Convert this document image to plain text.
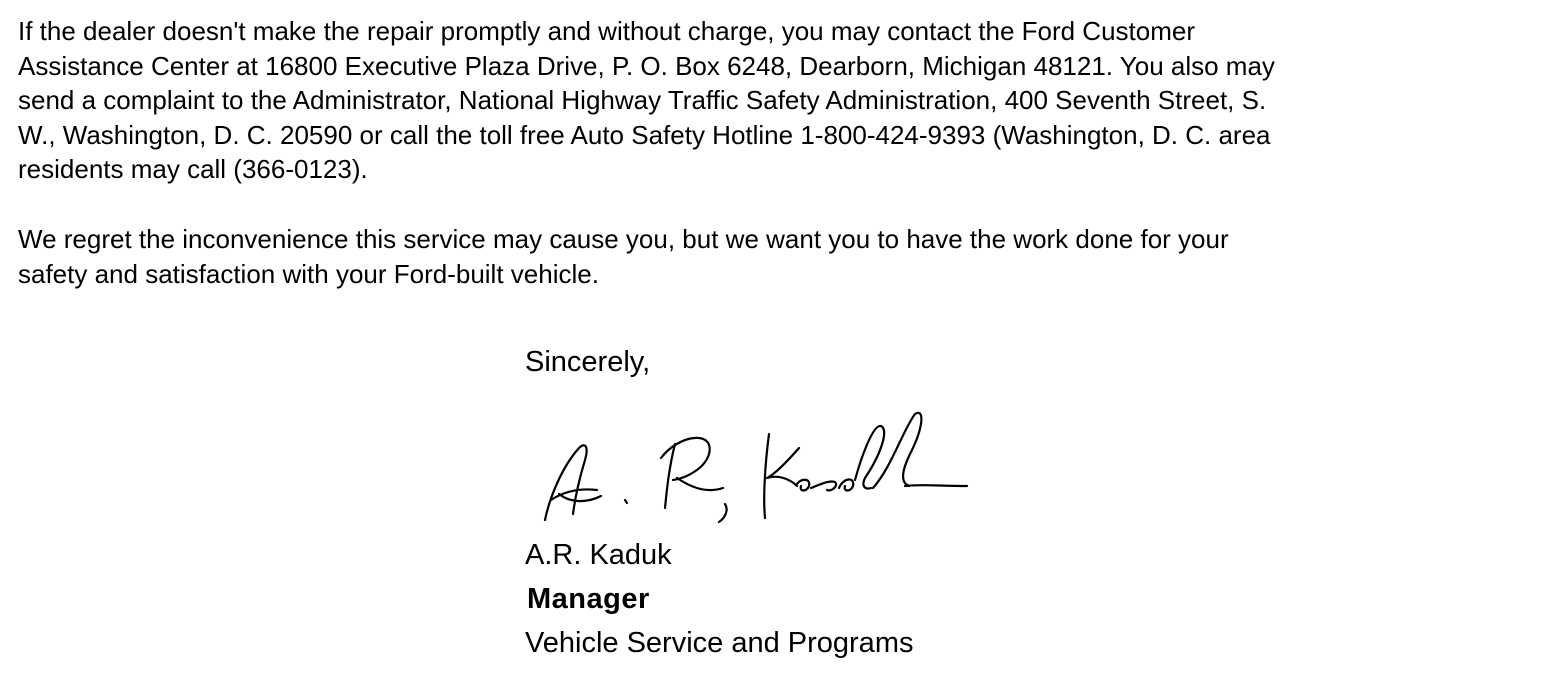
If the dealer doesn't make the repair promptly and without charge, you may contact the Ford Customer
Assistance Center at 16800 Executive Plaza Drive, P. O. Box 6248, Dearborn, Michigan 48121. You also may
send a complaint to the Administrator, National Highway Traffic Safety Administration, 400 Seventh Street, S.
W., Washington, D. C. 20590 or call the toll free Auto Safety Hotline 1-800-424-9393 (Washington, D. C. area
residents may call (366-0123).

We regret the inconvenience this service may cause you, but we want you to have the work done for your
safety and satisfaction with your Ford-built vehicle.

Sincerely,

A.R. Kaduk

Manager

Vehicle Service and Programs
